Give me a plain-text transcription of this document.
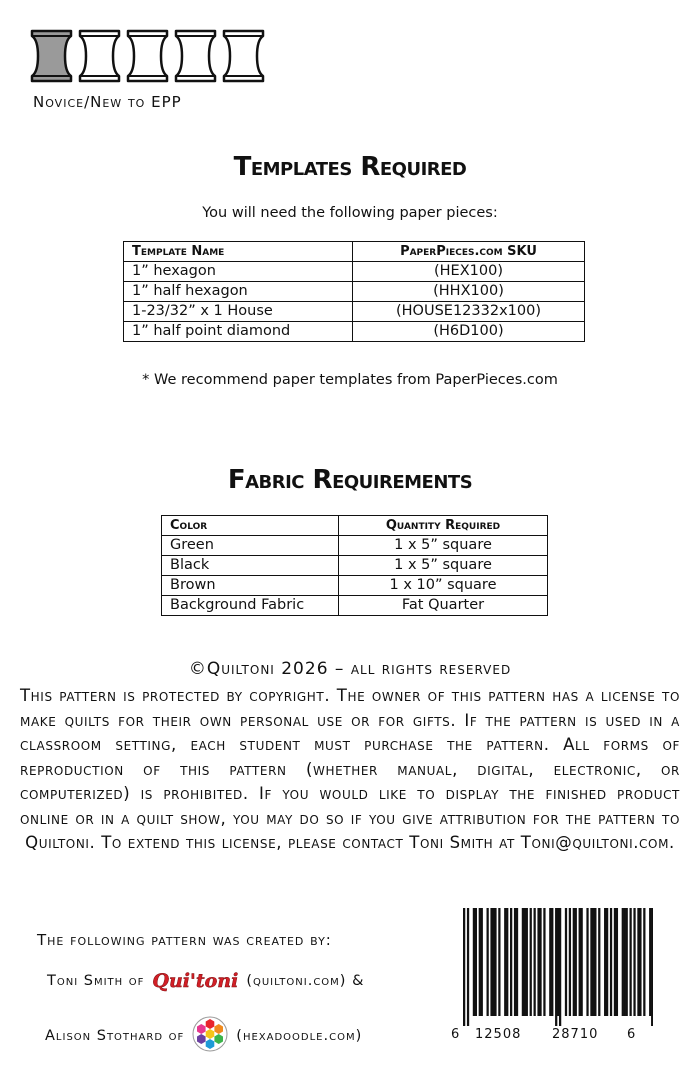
Novice/New to EPP
Templates Required
You will need the following paper pieces:
Template Name	PaperPieces.com SKU
1” hexagon	(HEX100)
1” half hexagon	(HHX100)
1-23/32” x 1 House	(HOUSE12332x100)
1” half point diamond	(H6D100)
* We recommend paper templates from PaperPieces.com
Fabric Requirements
Color	Quantity Required
Green	1 x 5” square
Black	1 x 5” square
Brown	1 x 10” square
Background Fabric	Fat Quarter
©Quiltoni 2026 – all rights reserved
This pattern is protected by copyright. The owner of this pattern has a license to make quilts for their own personal use or for gifts. If the pattern is used in a classroom setting, each student must purchase the pattern. All forms of reproduction of this pattern (whether manual, digital, electronic, or computerized) is prohibited. If you would like to display the finished product online or in a quilt show, you may do so if you give attribution for the pattern to Quiltoni. To extend this license, please contact Toni Smith at Toni@quiltoni.com.
The following pattern was created by:
Toni Smith of Qui'toni (quiltoni.com) &
Alison Stothard of	(hexadoodle.com)	6 12508 28710 6
